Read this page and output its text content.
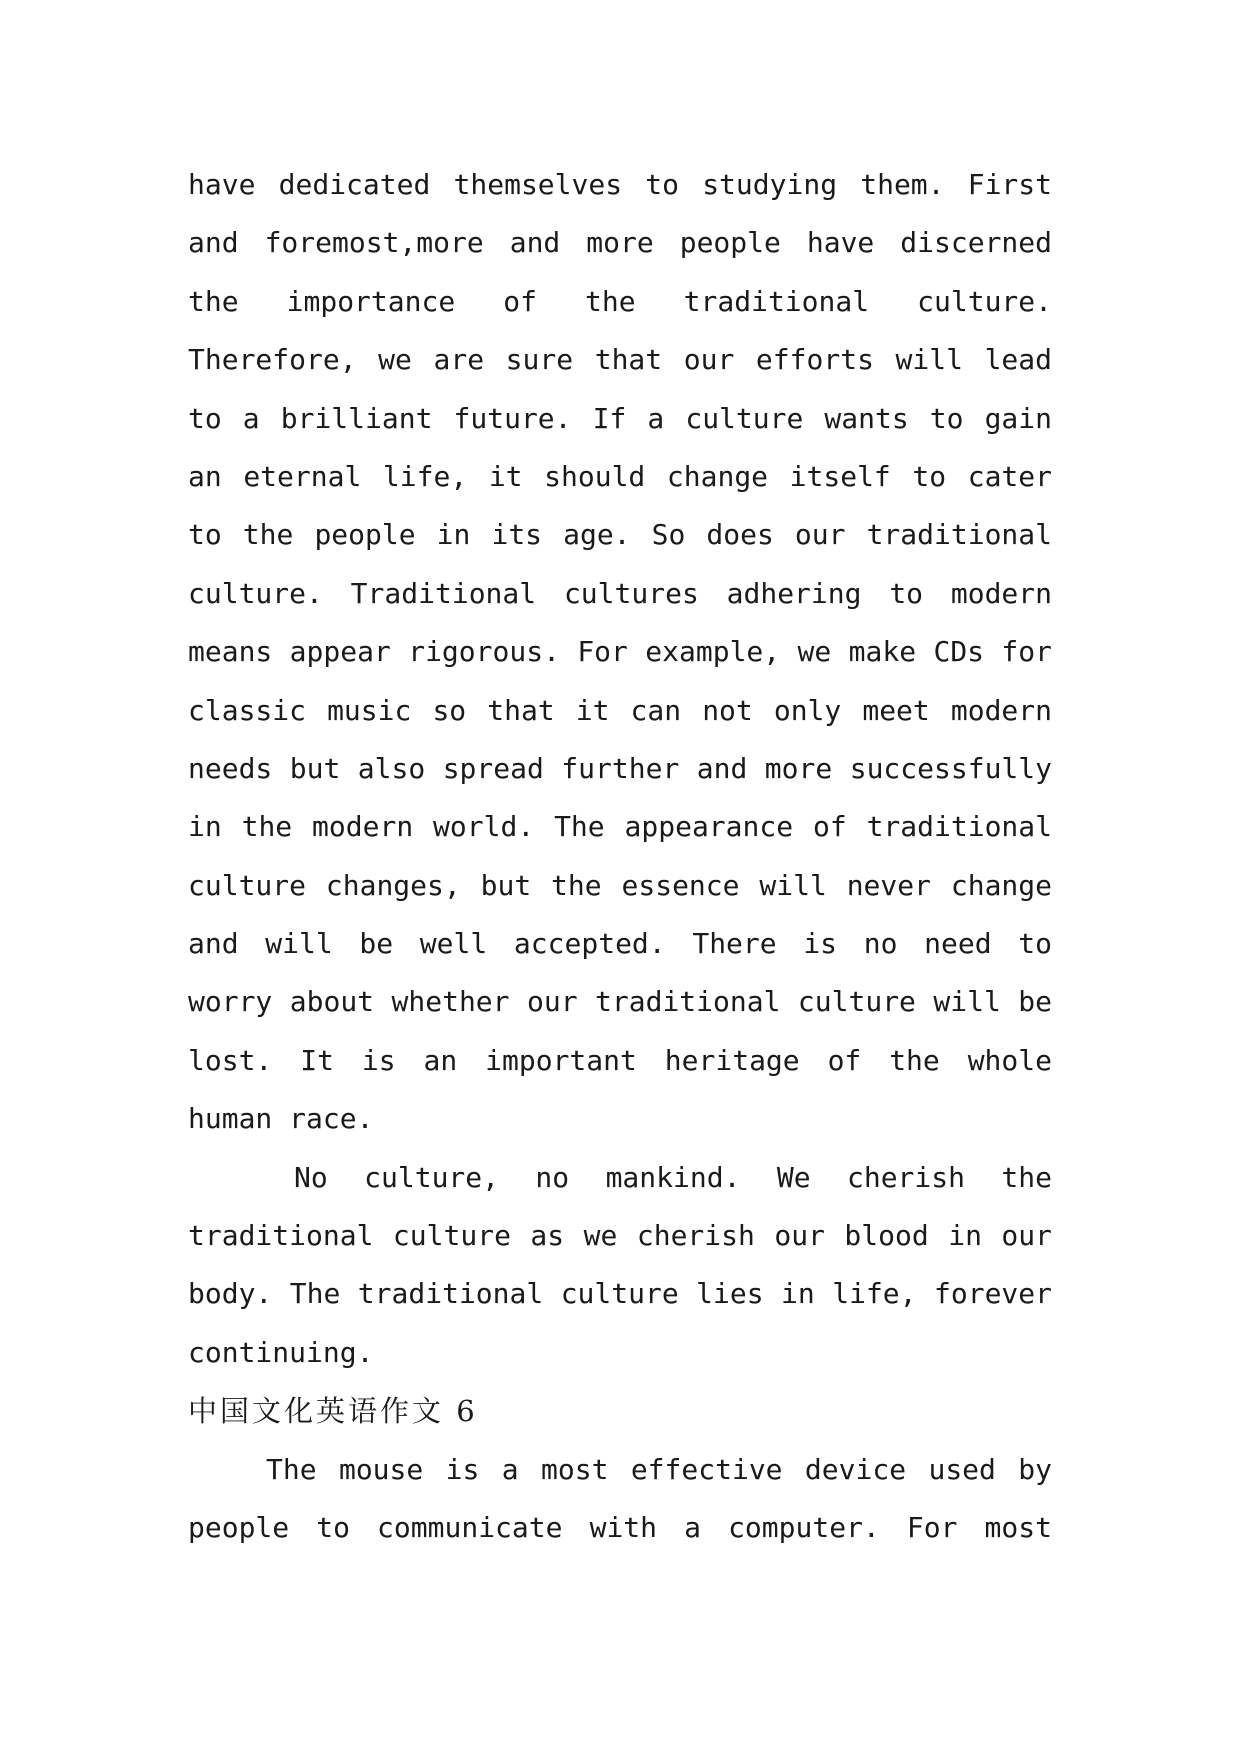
have dedicated themselves to studying them. First
and foremost,more and more people have discerned
the importance of the traditional culture.
Therefore, we are sure that our efforts will lead
to a brilliant future. If a culture wants to gain
an eternal life, it should change itself to cater
to the people in its age. So does our traditional
culture. Traditional cultures adhering to modern
means appear rigorous. For example, we make CDs for
classic music so that it can not only meet modern
needs but also spread further and more successfully
in the modern world. The appearance of traditional
culture changes, but the essence will never change
and will be well accepted. There is no need to
worry about whether our traditional culture will be
lost. It is an important heritage of the whole
human race.
No culture, no mankind. We cherish the
traditional culture as we cherish our blood in our
body. The traditional culture lies in life, forever
continuing.
中国文化英语作文 6
The mouse is a most effective device used by
people to communicate with a computer. For most
